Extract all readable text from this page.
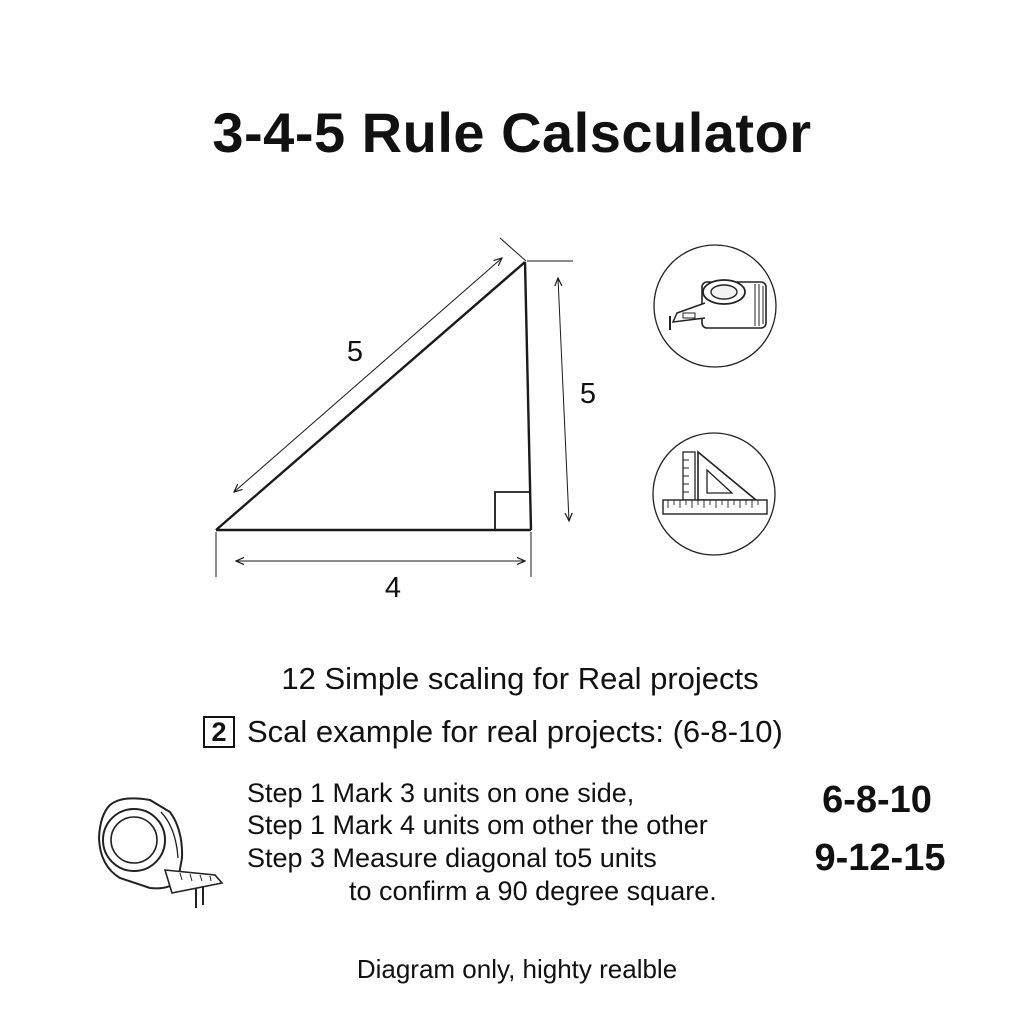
3-4-5 Rule Calsculator
5
5
4
12 Simple scaling for Real projects
2 Scal example for real projects: (6-8-10)
Step 1 Mark 3 units on one side,
Step 1 Mark 4 units om other the other
Step 3 Measure diagonal to5 units
to confirm a 90 degree square.
6-8-10
9-12-15
Diagram only, highty realble
